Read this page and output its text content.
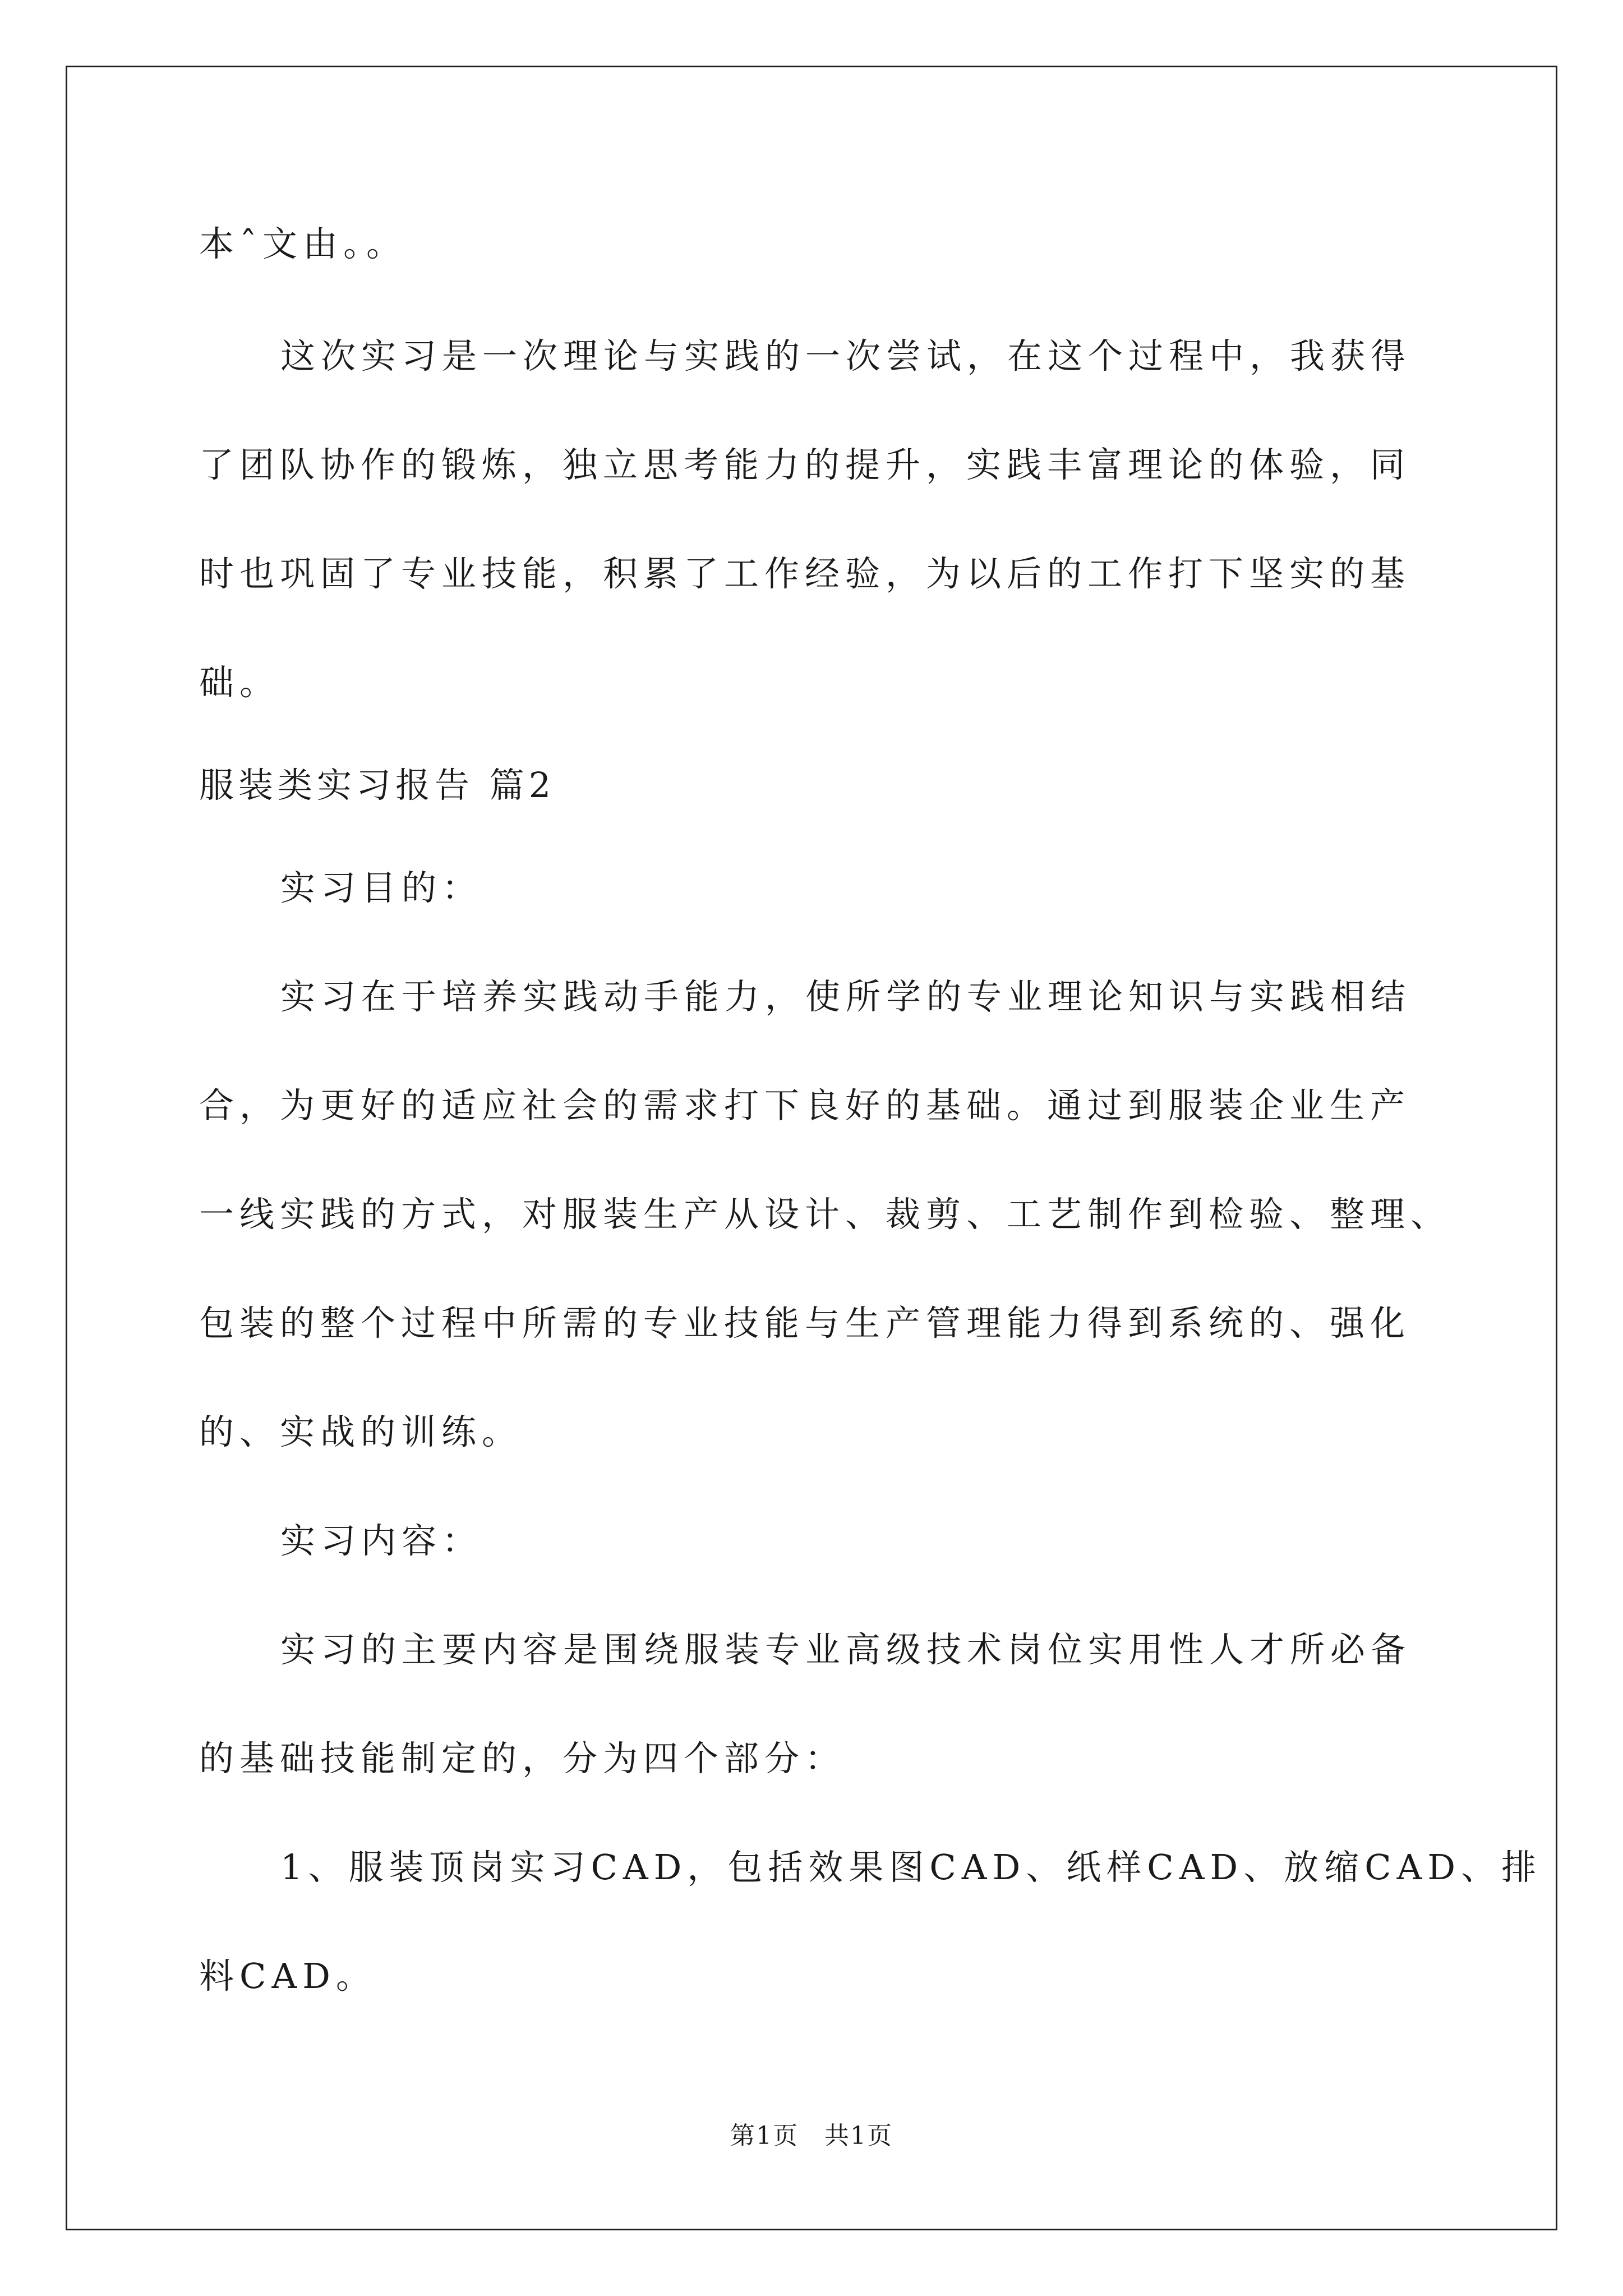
本ˆ文由。。
这次实习是一次理论与实践的一次尝试，在这个过程中，我获得
了团队协作的锻炼，独立思考能力的提升，实践丰富理论的体验，同
时也巩固了专业技能，积累了工作经验，为以后的工作打下坚实的基
础。
服装类实习报告 篇2
实习目的：
实习在于培养实践动手能力，使所学的专业理论知识与实践相结
合，为更好的适应社会的需求打下良好的基础。通过到服装企业生产
一线实践的方式，对服装生产从设计、裁剪、工艺制作到检验、整理、
包装的整个过程中所需的专业技能与生产管理能力得到系统的、强化
的、实战的训练。
实习内容：
实习的主要内容是围绕服装专业高级技术岗位实用性人才所必备
的基础技能制定的，分为四个部分：
1、服装顶岗实习CAD，包括效果图CAD、纸样CAD、放缩CAD、排
料CAD。
第1页　共1页
